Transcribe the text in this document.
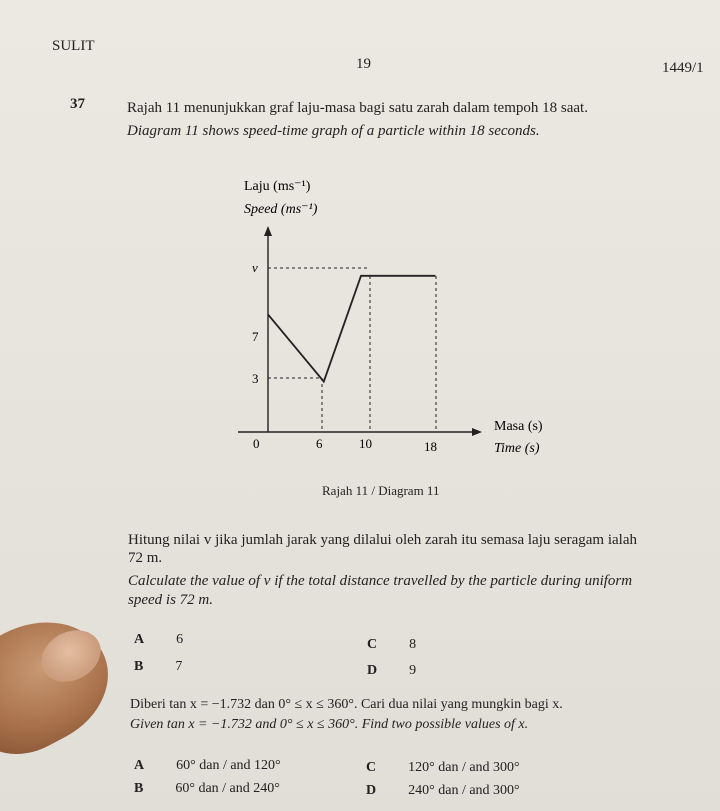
SULIT
19	1449/1
37	Rajah 11 menunjukkan graf laju-masa bagi satu zarah dalam tempoh 18 saat.
Diagram 11 shows speed-time graph of a particle within 18 seconds.
Laju (ms⁻¹)
Speed (ms⁻¹)
v
7
3
0	6	10	18
Masa (s)
Time (s)
Rajah 11 / Diagram 11
Hitung nilai v jika jumlah jarak yang dilalui oleh zarah itu semasa laju seragam ialah
72 m.
Calculate the value of v if the total distance travelled by the particle during uniform
speed is 72 m.
A 6
B 7
C 8
D 9
Diberi tan x = −1.732 dan 0° ≤ x ≤ 360°. Cari dua nilai yang mungkin bagi x.
Given tan x = −1.732 and 0° ≤ x ≤ 360°. Find two possible values of x.
A 60° dan / and 120°
B 60° dan / and 240°
C 120° dan / and 300°
D 240° dan / and 300°
